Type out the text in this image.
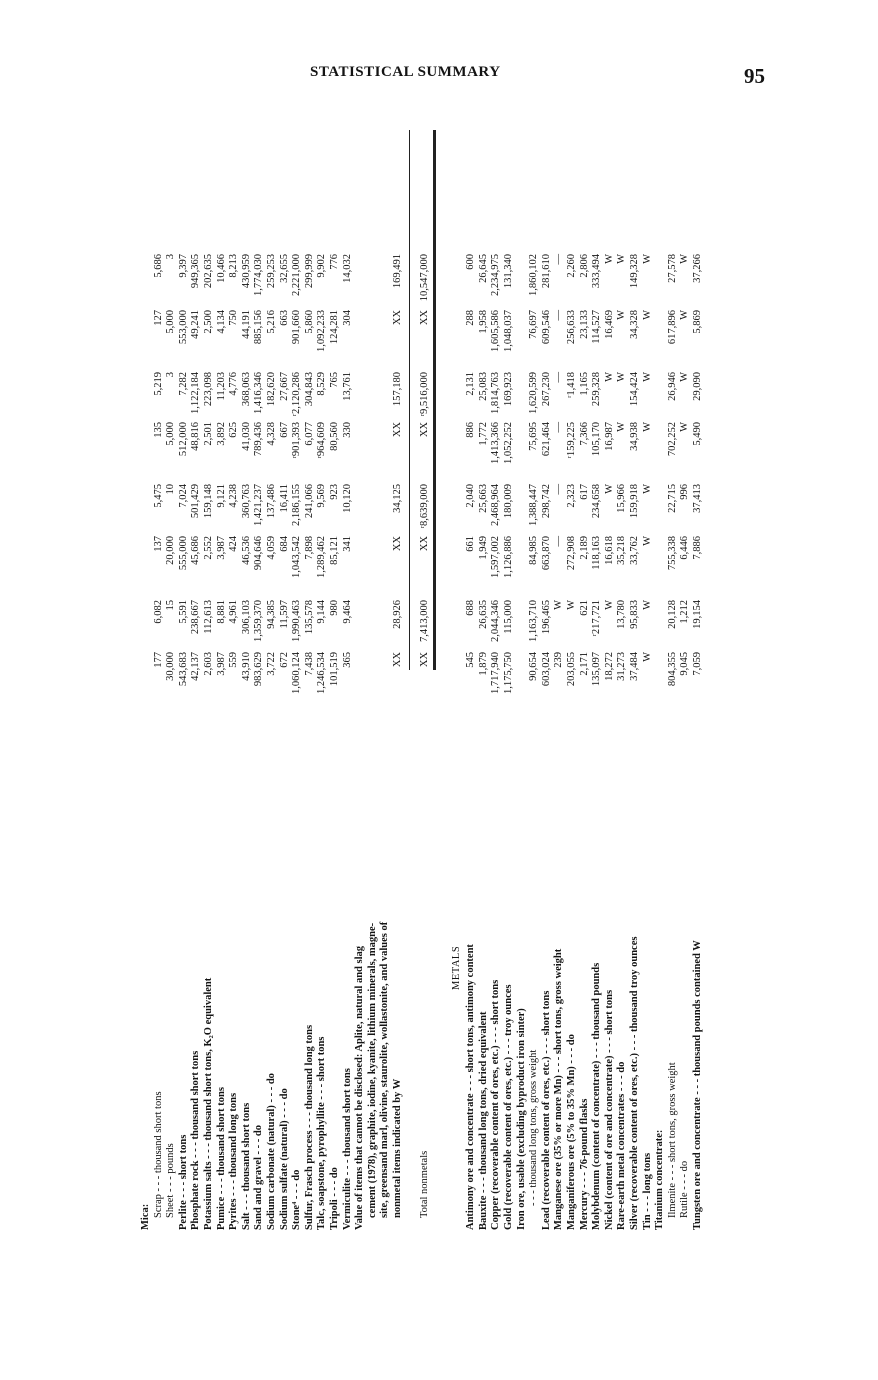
STATISTICAL SUMMARY	95
Mica: Scrap - - - thousand short tons
177
6,082
137
5,475
135
5,219
127
5,686
Sheet - - - pounds
30,000
15
20,000
10
5,000
3
5,000
3
Perlite - - - short tons
543,683
5,591
555,000
7,024
512,000
7,282
553,000
9,397
Phosphate rock - - - thousand short tons
42,137
238,667
45,686
501,429
48,816
1,122,184
49,241
949,365
Potassium salts - - - thousand short tons, K₂O equivalent
2,603
112,613
2,552
159,148
2,501
223,098
2,500
202,635
Pumice - - - thousand short tons
3,987
8,881
3,987
9,121
3,892
11,203
4,134
10,466
Pyrites - - - thousand long tons
559
4,961
424
4,238
625
4,776
750
8,213
Salt - - - thousand short tons
43,910
306,103
46,536
360,763
41,030
368,063
44,191
430,959
Sand and gravel - - - do
983,629
1,359,370
904,646
1,421,237
789,436
1,416,346
885,156
1,774,030
Sodium carbonate (natural) - - - do
3,722
94,385
4,059
137,486
4,328
182,620
5,216
259,253
Sodium sulfate (natural) - - - do
672
11,597
684
16,411
667
27,667
663
32,655
Stone⁴ - - - do
1,060,124
1,990,463
1,043,542
2,186,155
ʳ901,393
ʳ2,120,286
901,660
2,221,000
Sulfur, Frasch process - - - thousand long tons
7,438
135,578
7,898
241,066
6,077
304,843
5,860
299,999
Talc, soapstone, pyrophyllite - - - short tons
1,246,534
9,144
1,289,462
9,569
ʳ964,609
8,529
1,092,233
9,902
Tripoli - - - do
101,519
980
85,121
923
80,560
765
124,281
776
Vermiculite - - - thousand short tons
365
9,464
341
10,120
330
13,761
304
14,032
Value of items that cannot be disclosed: Aplite, natural and slag cement (1978), graphite, iodine, kyanite, lithium minerals, magne- site, greensand marl, olivine, staurolite, wollastonite, and values of nonmetal items indicated by W
XX
28,926
XX
34,125
XX
157,180
XX
169,491
Total nonmetals
XX
7,413,000
XX
ʳ8,639,000
XX
ʳ9,516,000
XX
10,547,000
METALS Antimony ore and concentrate - - - short tons, antimony content
545
688
661
2,040
886
2,131
288
600
Bauxite - - - thousand long tons, dried equivalent
1,879
26,635
1,949
25,663
1,772
25,083
1,958
26,645
Copper (recoverable content of ores, etc.) - - - short tons
1,717,940
2,044,346
1,597,002
2,468,964
1,413,366
1,814,763
1,605,586
2,234,975
Gold (recoverable content of ores, etc.) - - - troy ounces
1,175,750
115,000
1,126,886
180,009
1,052,252
169,923
1,048,037
131,340
Iron ore, usable (excluding byproduct iron sinter) - - - thousand long tons, gross weight
90,654
1,163,710
84,985
1,388,447
75,695
1,620,599
76,697
1,860,102
Lead (recoverable content of ores, etc.) - - - short tons
603,024
196,465
663,870
298,742
621,464
267,230
609,546
281,610
Manganese ore (35% or more Mn) - - - short tons, gross weight
239
W
—
—
—
—
—
—
Manganiferous ore (5% to 35% Mn) - - - do
203,055
W
272,908
2,323
ʳ159,225
ʳ1,418
256,633
2,260
Mercury - - - 76-pound flasks
2,171
621
2,189
617
7,366
1,165
23,133
2,806
Molybdenum (content of concentrate) - - - thousand pounds
135,097
ʳ217,721
118,163
234,658
105,170
259,328
114,527
333,494
Nickel (content of ore and concentrate) - - - short tons
18,272
W
16,618
W
16,987
W
16,469
W
Rare-earth metal concentrates - - - do
31,273
13,780
35,218
15,966
W
W
W
W
Silver (recoverable content of ores, etc.) - - - thousand troy ounces
37,484
95,833
33,762
159,918
34,938
154,424
34,328
149,328
Tin - - - long tons
W
W
W
W
W
W
W
W
Titanium concentrate: Ilmenite - - - short tons, gross weight
804,355
20,128
755,338
22,715
702,252
26,946
617,896
27,578
Rutile - - - do
9,045
1,212
6,446
996
W
W
W
W
Tungsten ore and concentrate - - - thousand pounds contained W
7,059
19,154
7,886
37,413
5,490
29,090
5,869
37,266
